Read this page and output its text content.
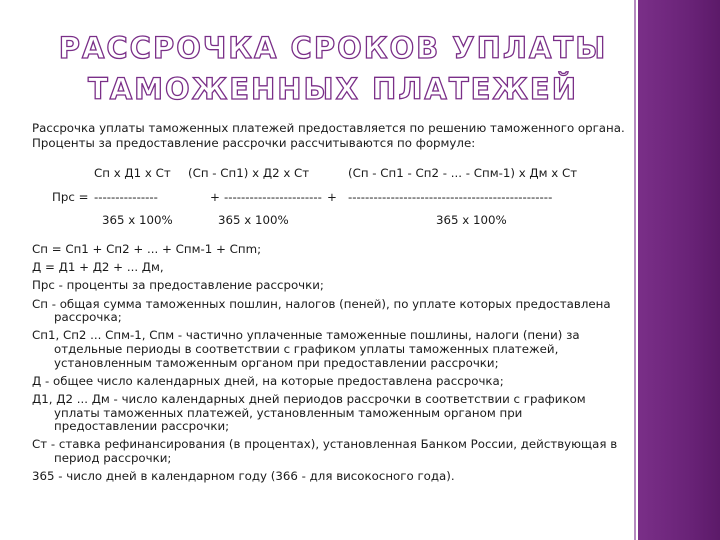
РАССРОЧКА СРОКОВ УПЛАТЫ
ТАМОЖЕННЫХ ПЛАТЕЖЕЙ
Рассрочка уплаты таможенных платежей предоставляется по решению таможенного органа. Проценты за предоставление рассрочки рассчитываются по формуле:
Сп х Д1 х Ст (Сп - Сп1) х Д2 х Ст	(Сп - Сп1 - Сп2 - ... - Спм-1) х Дм х Ст
Прс = ---------------	+ ----------------------- + ------------------------------------------------
365 х 100%	365 х 100%	365 х 100%

Сп = Сп1 + Сп2 + ... + Спм-1 + Спm;

Д = Д1 + Д2 + ... Дм,

Прс - проценты за предоставление рассрочки;

Сп - общая сумма таможенных пошлин, налогов (пеней), по уплате которых предоставлена рассрочка;

Сп1, Сп2 ... Спм-1, Спм - частично уплаченные таможенные пошлины, налоги (пени) за отдельные периоды в соответствии с графиком уплаты таможенных платежей, установленным таможенным органом при предоставлении рассрочки;

Д - общее число календарных дней, на которые предоставлена рассрочка;

Д1, Д2 ... Дм - число календарных дней периодов рассрочки в соответствии с графиком уплаты таможенных платежей, установленным таможенным органом при предоставлении рассрочки;

Ст - ставка рефинансирования (в процентах), установленная Банком России, действующая в период рассрочки;

365 - число дней в календарном году (366 - для високосного года).
